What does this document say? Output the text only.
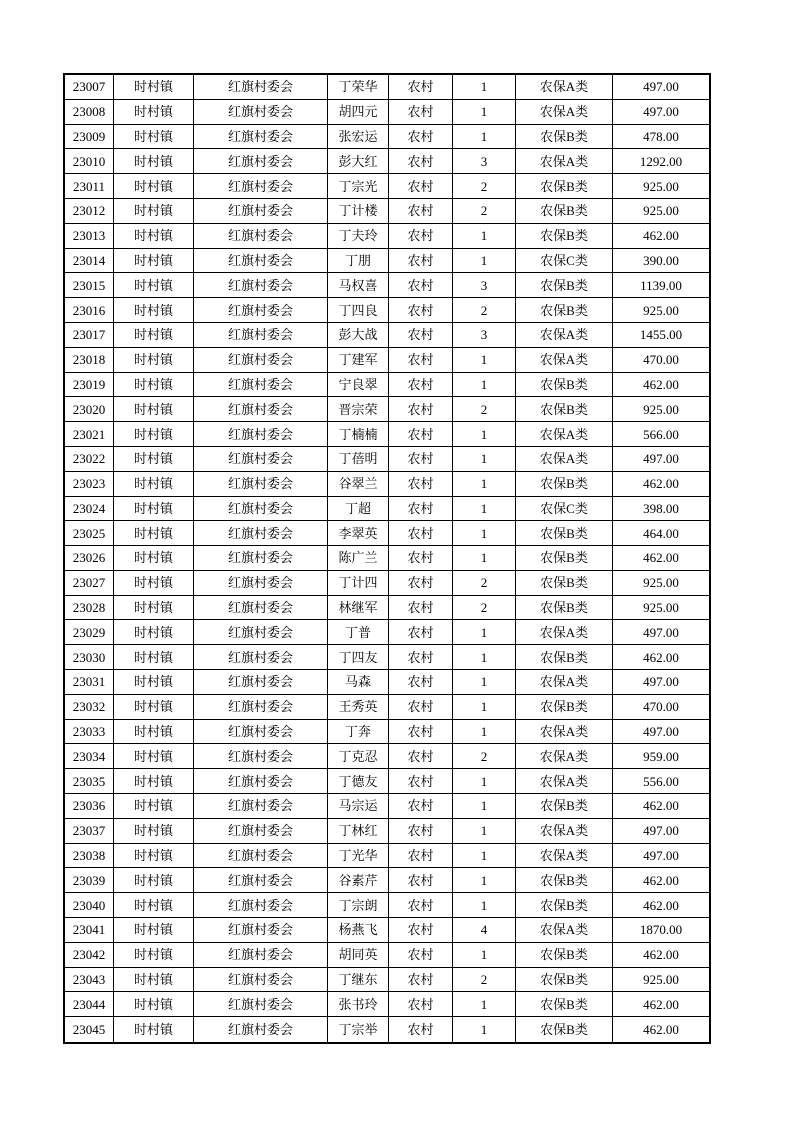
23007	时村镇	红旗村委会	丁荣华	农村	1	农保A类	497.00
23008	时村镇	红旗村委会	胡四元	农村	1	农保A类	497.00
23009	时村镇	红旗村委会	张宏运	农村	1	农保B类	478.00
23010	时村镇	红旗村委会	彭大红	农村	3	农保A类	1292.00
23011	时村镇	红旗村委会	丁宗光	农村	2	农保B类	925.00
23012	时村镇	红旗村委会	丁计楼	农村	2	农保B类	925.00
23013	时村镇	红旗村委会	丁夫玲	农村	1	农保B类	462.00
23014	时村镇	红旗村委会	丁朋	农村	1	农保C类	390.00
23015	时村镇	红旗村委会	马权喜	农村	3	农保B类	1139.00
23016	时村镇	红旗村委会	丁四良	农村	2	农保B类	925.00
23017	时村镇	红旗村委会	彭大战	农村	3	农保A类	1455.00
23018	时村镇	红旗村委会	丁建军	农村	1	农保A类	470.00
23019	时村镇	红旗村委会	宁良翠	农村	1	农保B类	462.00
23020	时村镇	红旗村委会	晋宗荣	农村	2	农保B类	925.00
23021	时村镇	红旗村委会	丁楠楠	农村	1	农保A类	566.00
23022	时村镇	红旗村委会	丁蓓明	农村	1	农保A类	497.00
23023	时村镇	红旗村委会	谷翠兰	农村	1	农保B类	462.00
23024	时村镇	红旗村委会	丁超	农村	1	农保C类	398.00
23025	时村镇	红旗村委会	李翠英	农村	1	农保B类	464.00
23026	时村镇	红旗村委会	陈广兰	农村	1	农保B类	462.00
23027	时村镇	红旗村委会	丁计四	农村	2	农保B类	925.00
23028	时村镇	红旗村委会	林继军	农村	2	农保B类	925.00
23029	时村镇	红旗村委会	丁普	农村	1	农保A类	497.00
23030	时村镇	红旗村委会	丁四友	农村	1	农保B类	462.00
23031	时村镇	红旗村委会	马森	农村	1	农保A类	497.00
23032	时村镇	红旗村委会	王秀英	农村	1	农保B类	470.00
23033	时村镇	红旗村委会	丁奔	农村	1	农保A类	497.00
23034	时村镇	红旗村委会	丁克忍	农村	2	农保A类	959.00
23035	时村镇	红旗村委会	丁德友	农村	1	农保A类	556.00
23036	时村镇	红旗村委会	马宗运	农村	1	农保B类	462.00
23037	时村镇	红旗村委会	丁林红	农村	1	农保A类	497.00
23038	时村镇	红旗村委会	丁光华	农村	1	农保A类	497.00
23039	时村镇	红旗村委会	谷素芹	农村	1	农保B类	462.00
23040	时村镇	红旗村委会	丁宗朗	农村	1	农保B类	462.00
23041	时村镇	红旗村委会	杨燕飞	农村	4	农保A类	1870.00
23042	时村镇	红旗村委会	胡同英	农村	1	农保B类	462.00
23043	时村镇	红旗村委会	丁继东	农村	2	农保B类	925.00
23044	时村镇	红旗村委会	张书玲	农村	1	农保B类	462.00
23045	时村镇	红旗村委会	丁宗举	农村	1	农保B类	462.00
